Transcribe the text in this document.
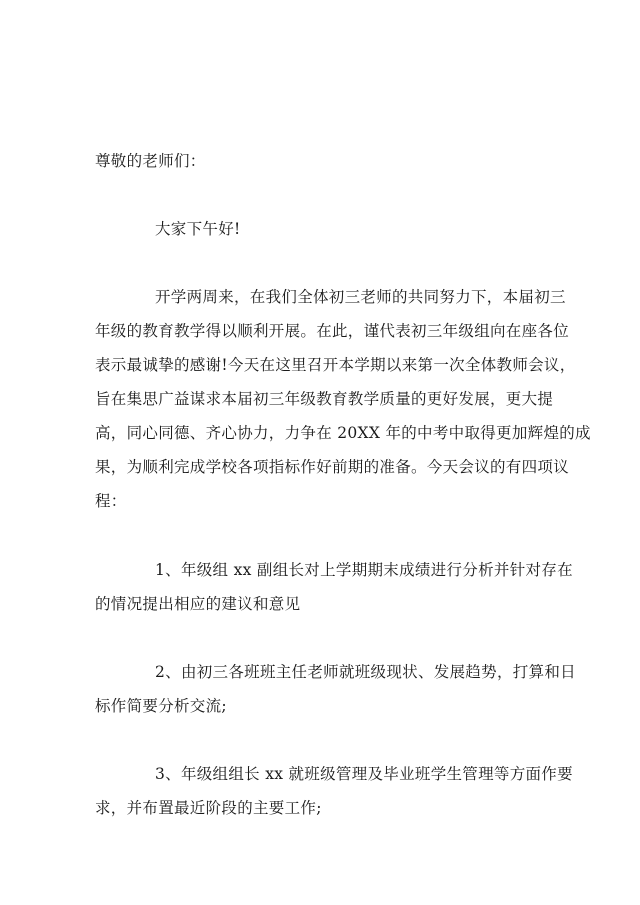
尊敬的老师们：
大家下午好!
开学两周来，在我们全体初三老师的共同努力下，本届初三
年级的教育教学得以顺利开展。在此，谨代表初三年级组向在座各位
表示最诚挚的感谢!今天在这里召开本学期以来第一次全体教师会议，
旨在集思广益谋求本届初三年级教育教学质量的更好发展，更大提
高，同心同德、齐心协力，力争在 20XX 年的中考中取得更加辉煌的成
果，为顺利完成学校各项指标作好前期的准备。今天会议的有四项议
程：
1、年级组 xx 副组长对上学期期末成绩进行分析并针对存在
的情况提出相应的建议和意见
2、由初三各班班主任老师就班级现状、发展趋势，打算和日
标作简要分析交流;
3、年级组组长 xx 就班级管理及毕业班学生管理等方面作要
求，并布置最近阶段的主要工作;
